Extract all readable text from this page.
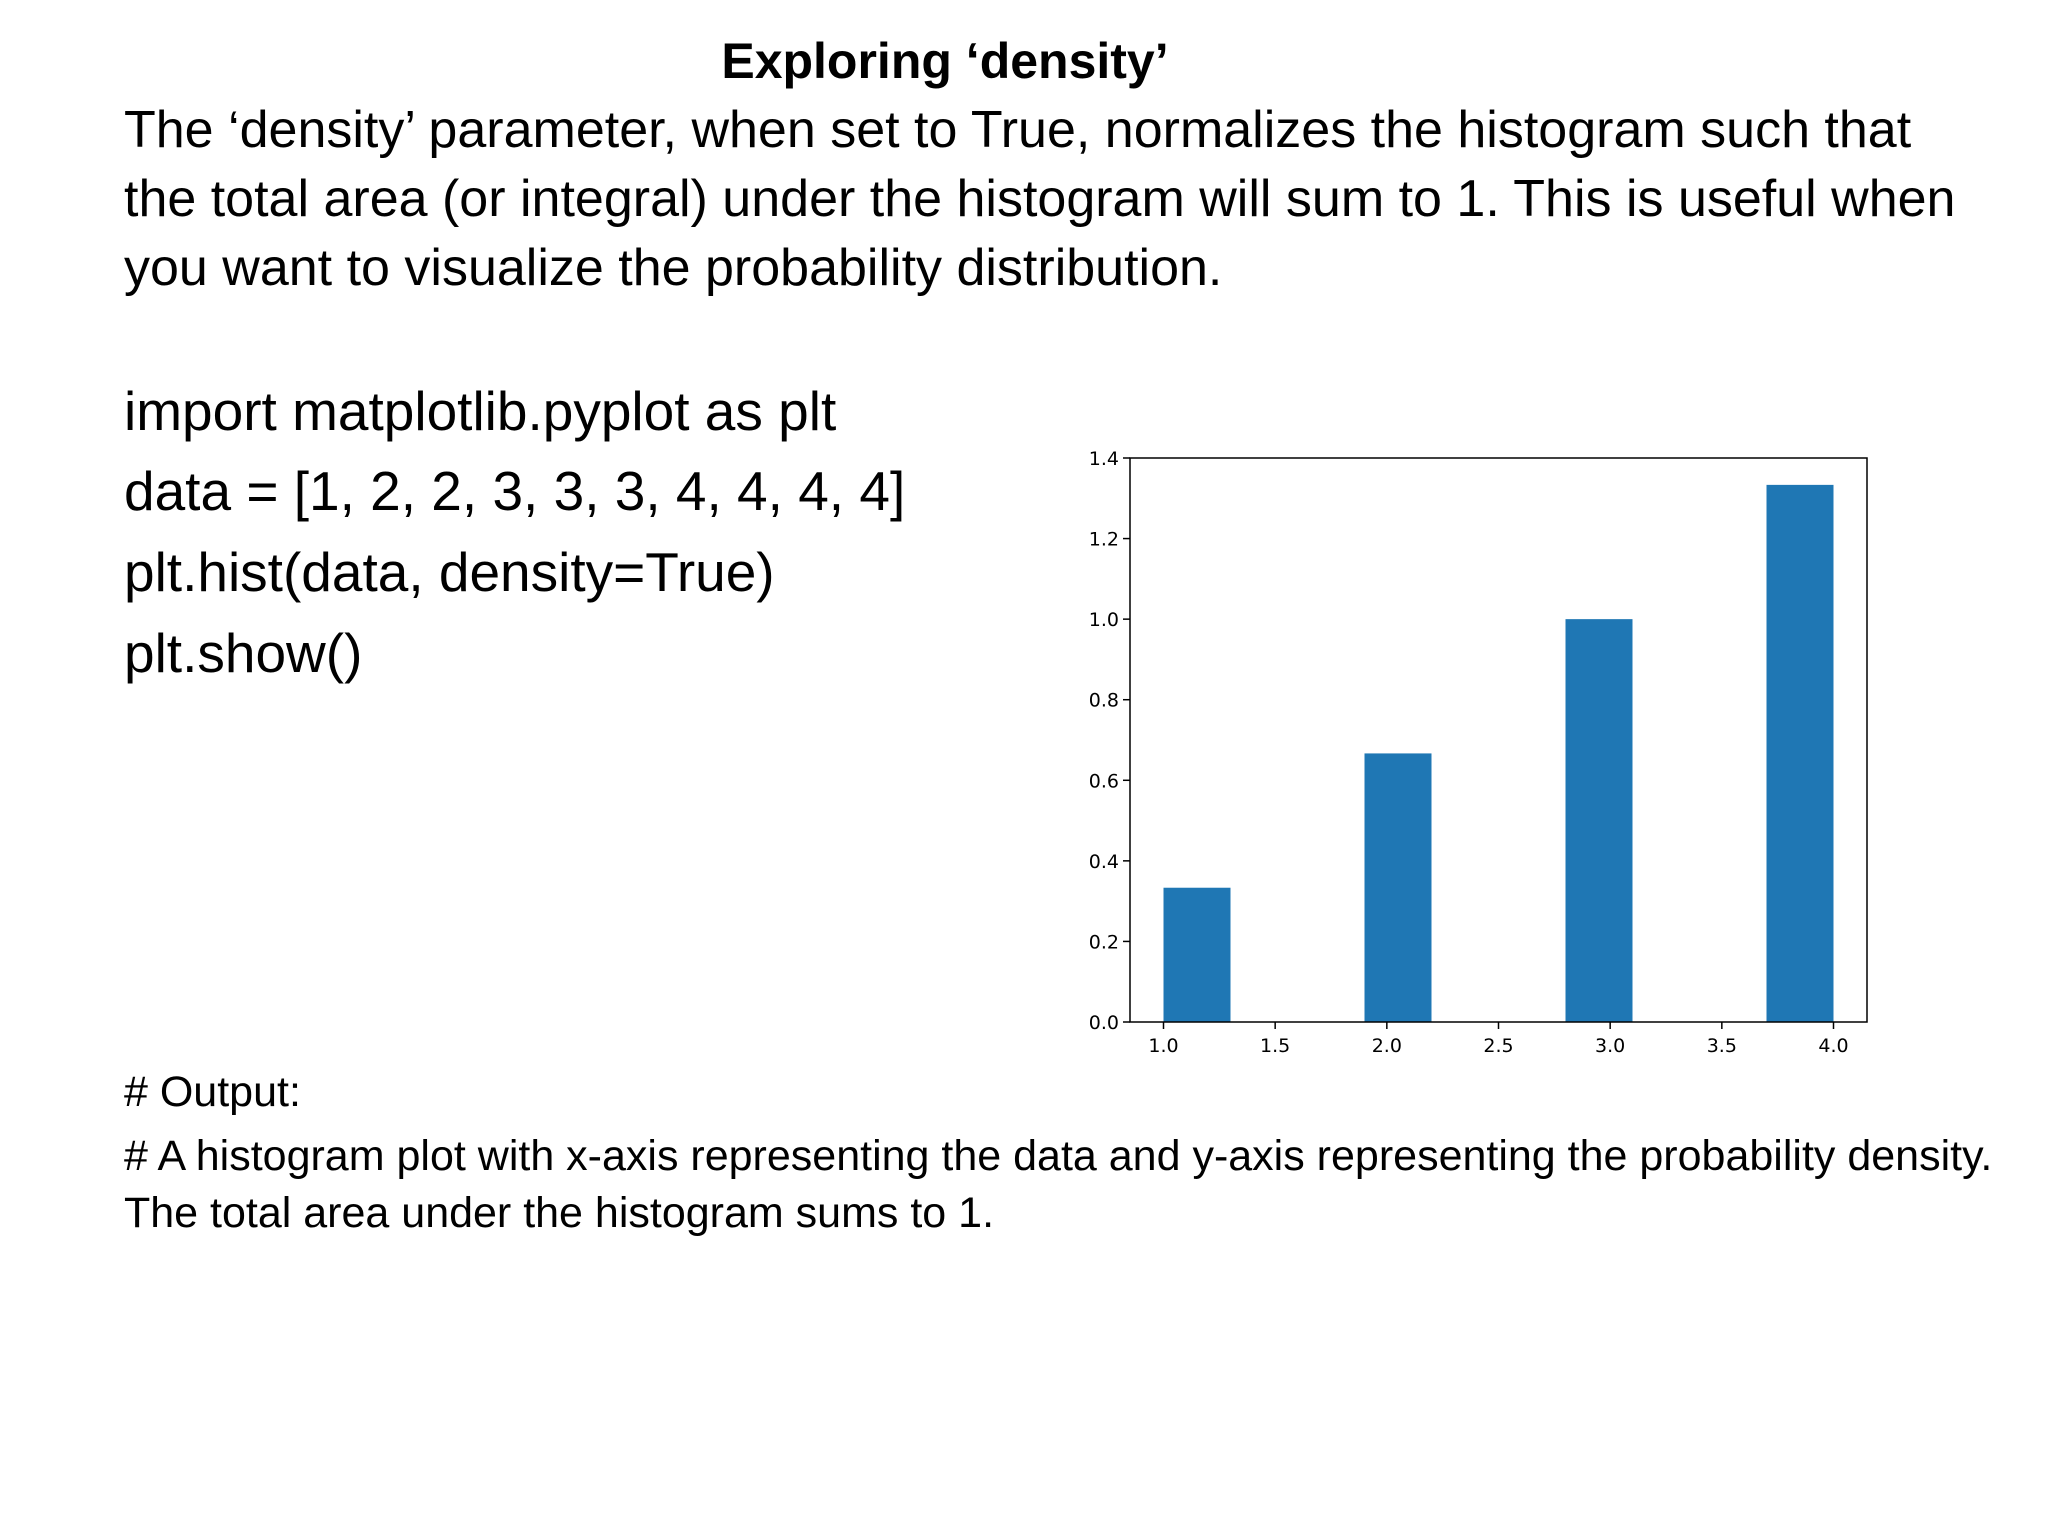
Exploring ‘density’

The ‘density’ parameter, when set to True, normalizes the histogram such that the total area (or integral) under the histogram will sum to 1. This is useful when you want to visualize the probability distribution.

import matplotlib.pyplot as plt
data = [1, 2, 2, 3, 3, 3, 4, 4, 4, 4]
plt.hist(data, density=True)
plt.show()
0.0
0.2
0.4
0.6
0.8
1.0
1.2
1.4
1.0	1.5	2.0	2.5	3.0	3.5	4.0
# Output:

# A histogram plot with x-axis representing the data and y-axis representing the probability density. The total area under the histogram sums to 1.
